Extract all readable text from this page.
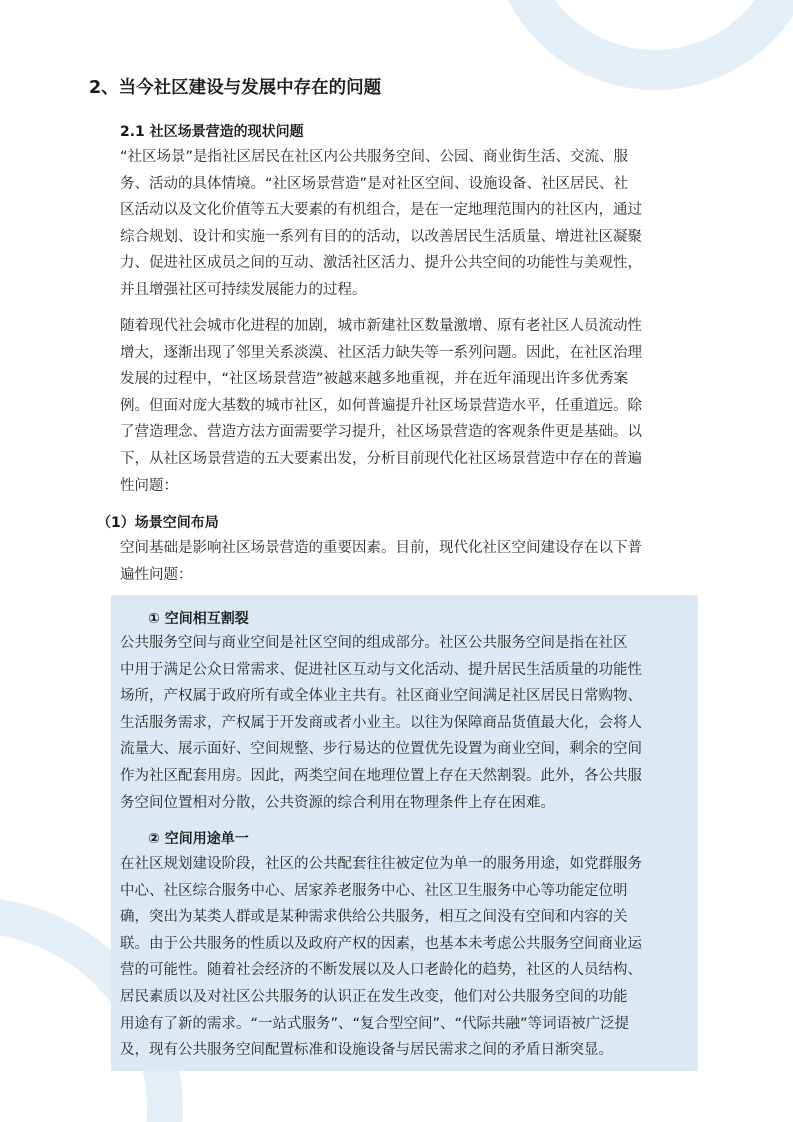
2、当今社区建设与发展中存在的问题
2.1 社区场景营造的现状问题
“社区场景”是指社区居民在社区内公共服务空间、公园、商业街生活、交流、服
务、活动的具体情境。“社区场景营造”是对社区空间、设施设备、社区居民、社
区活动以及文化价值等五大要素的有机组合，是在一定地理范围内的社区内，通过
综合规划、设计和实施一系列有目的的活动，以改善居民生活质量、增进社区凝聚
力、促进社区成员之间的互动、激活社区活力、提升公共空间的功能性与美观性，
并且增强社区可持续发展能力的过程。
随着现代社会城市化进程的加剧，城市新建社区数量激增、原有老社区人员流动性
增大，逐渐出现了邻里关系淡漠、社区活力缺失等一系列问题。因此，在社区治理
发展的过程中，“社区场景营造”被越来越多地重视，并在近年涌现出许多优秀案
例。但面对庞大基数的城市社区，如何普遍提升社区场景营造水平，任重道远。除
了营造理念、营造方法方面需要学习提升，社区场景营造的客观条件更是基础。以
下，从社区场景营造的五大要素出发，分析目前现代化社区场景营造中存在的普遍
性问题：
（1）场景空间布局
空间基础是影响社区场景营造的重要因素。目前，现代化社区空间建设存在以下普
遍性问题：
① 空间相互割裂
公共服务空间与商业空间是社区空间的组成部分。社区公共服务空间是指在社区
中用于满足公众日常需求、促进社区互动与文化活动、提升居民生活质量的功能性
场所，产权属于政府所有或全体业主共有。社区商业空间满足社区居民日常购物、
生活服务需求，产权属于开发商或者小业主。以往为保障商品货值最大化，会将人
流量大、展示面好、空间规整、步行易达的位置优先设置为商业空间，剩余的空间
作为社区配套用房。因此，两类空间在地理位置上存在天然割裂。此外，各公共服
务空间位置相对分散，公共资源的综合利用在物理条件上存在困难。
② 空间用途单一
在社区规划建设阶段，社区的公共配套往往被定位为单一的服务用途，如党群服务
中心、社区综合服务中心、居家养老服务中心、社区卫生服务中心等功能定位明
确，突出为某类人群或是某种需求供给公共服务，相互之间没有空间和内容的关
联。由于公共服务的性质以及政府产权的因素，也基本未考虑公共服务空间商业运
营的可能性。随着社会经济的不断发展以及人口老龄化的趋势，社区的人员结构、
居民素质以及对社区公共服务的认识正在发生改变，他们对公共服务空间的功能
用途有了新的需求。“一站式服务”、“复合型空间”、“代际共融”等词语被广泛提
及，现有公共服务空间配置标准和设施设备与居民需求之间的矛盾日渐突显。
